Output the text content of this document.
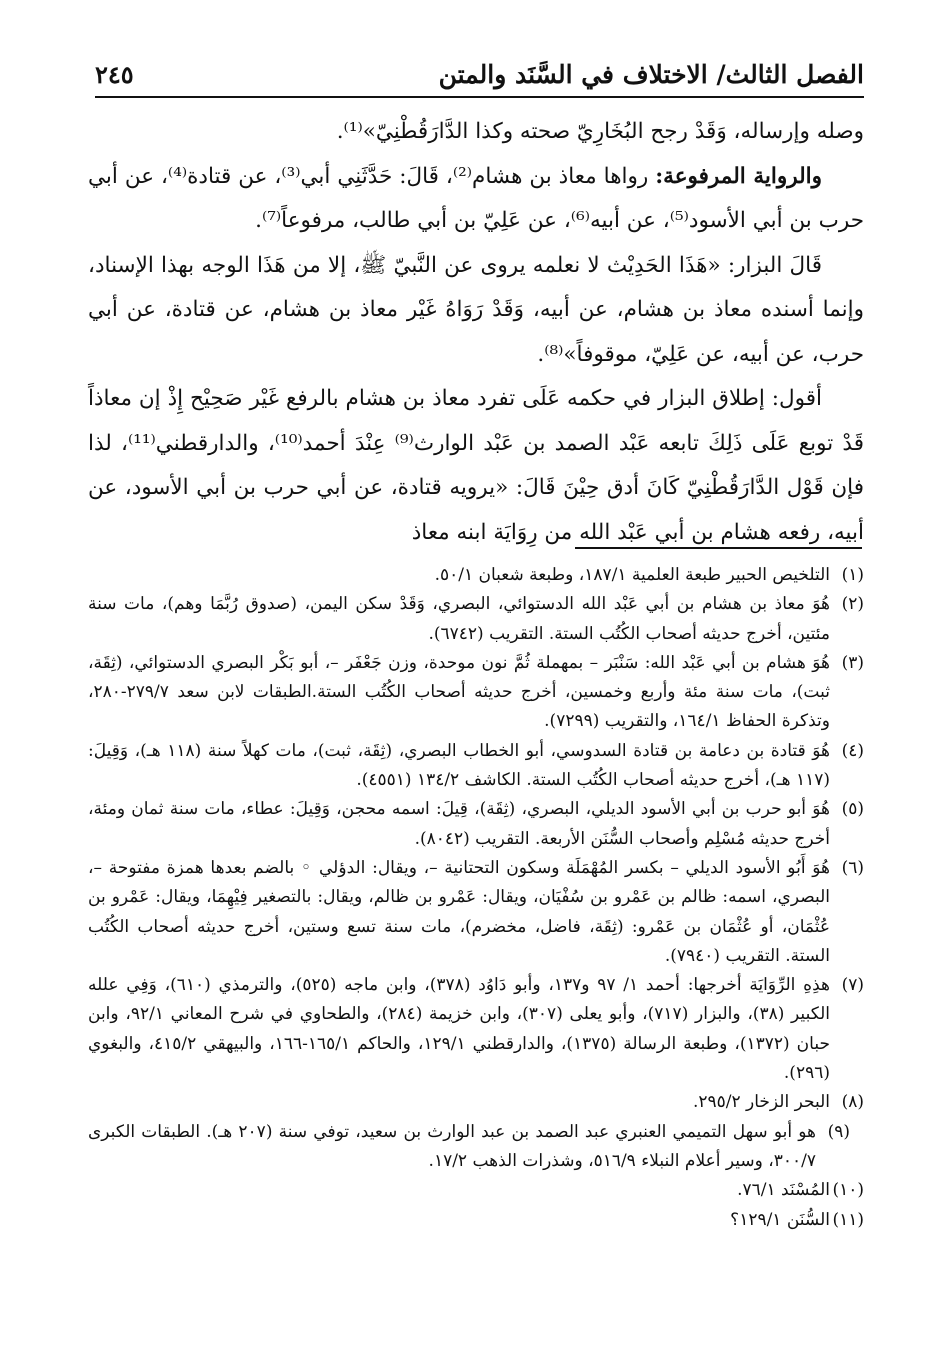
الفصل الثالث/ الاختلاف في السَّنَد والمتن
٢٤٥

وصله وإرساله، وَقَدْ رجح البُخَارِيّ صحته وكذا الدَّارَقُطْنِيّ»⁽¹⁾.

والرواية المرفوعة: رواها معاذ بن هشام⁽²⁾، قَالَ: حَدَّثَنِي أبي⁽³⁾، عن قتادة⁽⁴⁾، عن أبي حرب بن أبي الأسود⁽⁵⁾، عن أبيه⁽⁶⁾، عن عَلِيّ بن أبي طالب، مرفوعاً⁽⁷⁾.

قَالَ البزار: «هَذَا الحَدِيْث لا نعلمه يروى عن النَّبيّ ﷺ، إلا من هَذَا الوجه بهذا الإسناد، وإنما أسنده معاذ بن هشام، عن أبيه، وَقَدْ رَوَاهُ غَيْر معاذ بن هشام، عن قتادة، عن أبي حرب، عن أبيه، عن عَلِيّ، موقوفاً»⁽⁸⁾.

أقول: إطلاق البزار في حكمه عَلَى تفرد معاذ بن هشام بالرفع غَيْر صَحِيْح إِذْ إن معاذاً قَدْ توبع عَلَى ذَلِكَ تابعه عَبْد الصمد بن عَبْد الوارث⁽⁹⁾ عِنْدَ أحمد⁽¹⁰⁾، والدارقطني⁽¹¹⁾، لذا فإن قَوْل الدَّارَقُطْنِيّ كَانَ أدق حِيْنَ قَالَ: «يرويه قتادة، عن أبي حرب بن أبي الأسود، عن أبيه، رفعه هشام بن أبي عَبْد الله من رِوَايَة ابنه معاذ

(١)
التلخيص الحبير طبعة العلمية ١٨٧/١، وطبعة شعبان ٥٠/١.

(٢)
هُوَ معاذ بن هشام بن أبي عَبْد الله الدستوائي، البصري، وَقَدْ سكن اليمن، (صدوق رُبَّمَا وهم)، مات سنة مئتين، أخرج حديثه أصحاب الكُتُب الستة. التقريب (٦٧٤٢).

(٣)
هُوَ هشام بن أبي عَبْد الله: سَنْبَر – بمهملة ثُمَّ نون موحدة، وزن جَعْفَر –، أبو بَكْر البصري الدستوائي، (ثِقَة، ثبت)، مات سنة مئة وأربع وخمسين، أخرج حديثه أصحاب الكُتُب الستة.الطبقات لابن سعد ٢٧٩/٧-٢٨٠، وتذكرة الحفاظ ١٦٤/١، والتقريب (٧٢٩٩).

(٤)
هُوَ قتادة بن دعامة بن قتادة السدوسي، أبو الخطاب البصري، (ثِقَة، ثبت)، مات كهلاً سنة (١١٨ هـ)، وَقِيلَ: (١١٧ هـ)، أخرج حديثه أصحاب الكُتُب الستة. الكاشف ١٣٤/٢ (٤٥٥١).

(٥)
هُوَ أبو حرب بن أبي الأسود الديلي، البصري، (ثِقَة)، قِيلَ: اسمه محجن، وَقِيلَ: عطاء، مات سنة ثمان ومئة، أخرج حديثه مُسْلِم وأصحاب السُّنَن الأربعة. التقريب (٨٠٤٢).

(٦)
هُوَ أَبُو الأسود الديلي – بكسر المُهْمَلَة وسكون التحتانية –، ويقال: الدؤلي ◦ بالضم بعدها همزة مفتوحة –، البصري، اسمه: ظالم بن عَمْرو بن سُفْيَان، ويقال: عَمْرو بن ظالم، ويقال: بالتصغير فِيْهِمَا، ويقال: عَمْرو بن عُثْمَان، أو عُثْمَان بن عَمْرو: (ثِقَة، فاضل، مخضرم)، مات سنة تسع وستين، أخرج حديثه أصحاب الكُتُب الستة. التقريب (٧٩٤٠).

(٧)
هذِهِ الرِّوَايَة أخرجها: أحمد ١/ ٩٧ و١٣٧، وأبو دَاوُد (٣٧٨)، وابن ماجه (٥٢٥)، والترمذي (٦١٠)، وَفِي علله الكبير (٣٨)، والبزار (٧١٧)، وأبو يعلى (٣٠٧)، وابن خزيمة (٢٨٤)، والطحاوي في شرح المعاني ٩٢/١، وابن حبان (١٣٧٢)، وطبعة الرسالة (١٣٧٥)، والدارقطني ١٢٩/١، والحاكم ١٦٥/١-١٦٦، والبيهقي ٤١٥/٢، والبغوي (٢٩٦).

(٨)
البحر الزخار ٢٩٥/٢.

(٩)
هو أبو سهل التميمي العنبري عبد الصمد بن عبد الوارث بن سعيد، توفي سنة (٢٠٧ هـ). الطبقات الكبرى ٣٠٠/٧، وسير أعلام النبلاء ٥١٦/٩، وشذرات الذهب ١٧/٢.

(١٠)
المُسْنَد ٧٦/١.

(١١)
السُّنَن ١٢٩/١؟
